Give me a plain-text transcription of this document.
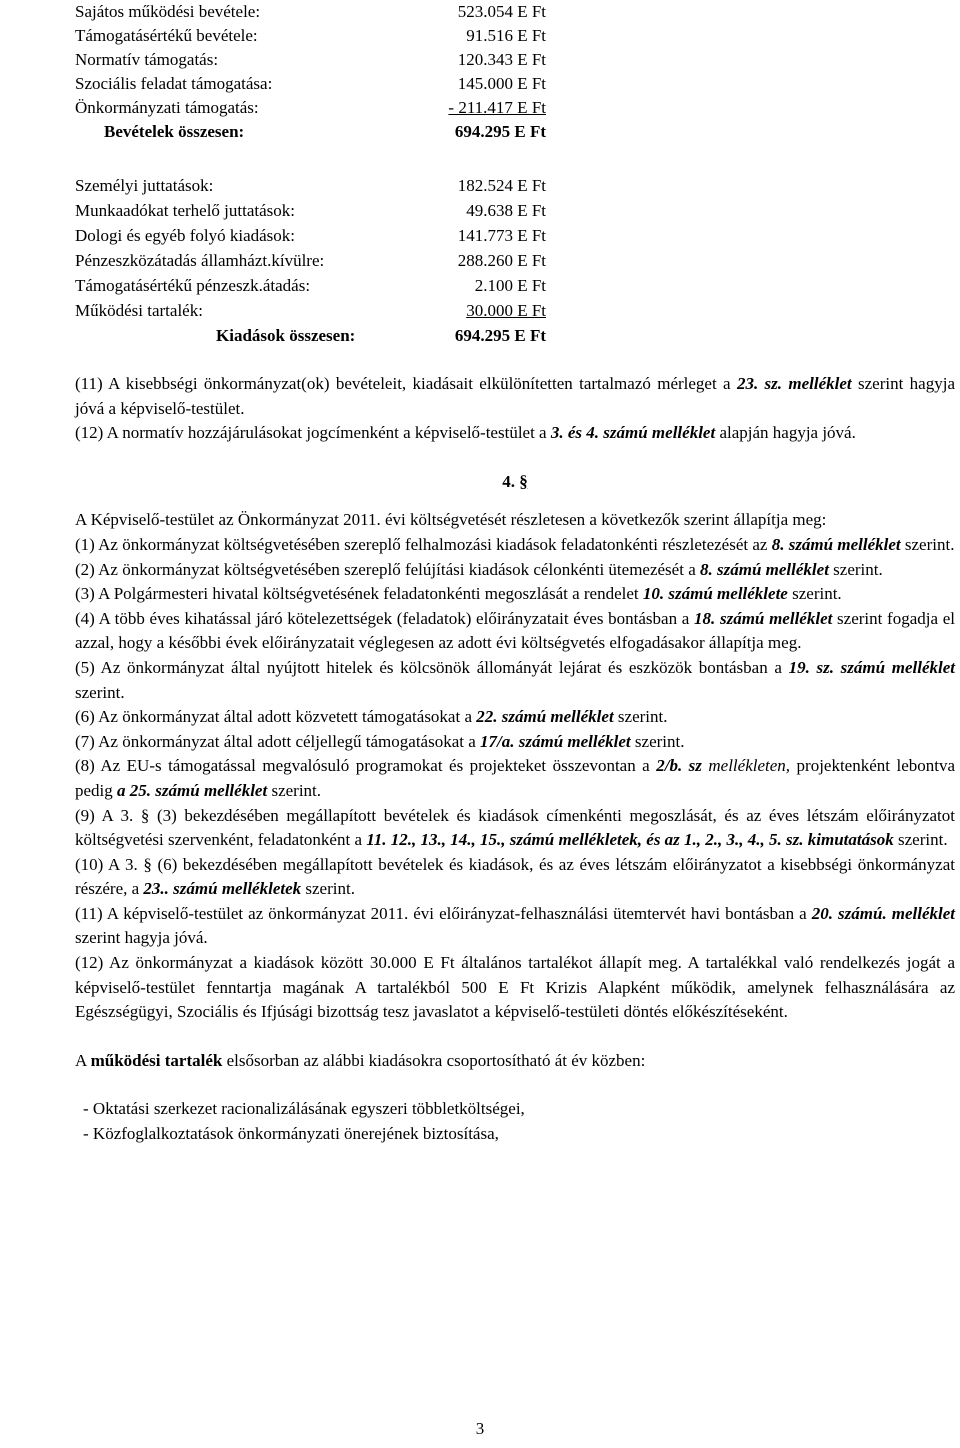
Sajátos működési bevétele:	523.054 E Ft
Támogatásértékű bevétele:	91.516 E Ft
Normatív támogatás:	120.343 E Ft
Szociális feladat támogatása:	145.000 E Ft
Önkormányzati támogatás:	- 211.417 E Ft
Bevételek összesen:	694.295 E Ft
Személyi juttatások:	182.524 E Ft
Munkaadókat terhelő juttatások:	49.638 E Ft
Dologi és egyéb folyó kiadások:	141.773 E Ft
Pénzeszközátadás államházt.kívülre:	288.260 E Ft
Támogatásértékű pénzeszk.átadás:	2.100 E Ft
Működési tartalék:	30.000 E Ft
Kiadások összesen:	694.295 E Ft

(11) A kisebbségi önkormányzat(ok) bevételeit, kiadásait elkülönítetten tartalmazó mérleget a 23. sz. melléklet szerint hagyja jóvá a képviselő-testület.

(12) A normatív hozzájárulásokat jogcímenként a képviselő-testület a 3. és 4. számú melléklet alapján hagyja jóvá.

4. §

A Képviselő-testület az Önkormányzat 2011. évi költségvetését részletesen a következők szerint állapítja meg:

(1) Az önkormányzat költségvetésében szereplő felhalmozási kiadások feladatonkénti részletezését az 8. számú melléklet szerint.

(2) Az önkormányzat költségvetésében szereplő felújítási kiadások célonkénti ütemezését a 8. számú melléklet szerint.

(3) A Polgármesteri hivatal költségvetésének feladatonkénti megoszlását a rendelet 10. számú melléklete szerint.

(4) A több éves kihatással járó kötelezettségek (feladatok) előirányzatait éves bontásban a 18. számú melléklet szerint fogadja el azzal, hogy a későbbi évek előirányzatait véglegesen az adott évi költségvetés elfogadásakor állapítja meg.

(5) Az önkormányzat által nyújtott hitelek és kölcsönök állományát lejárat és eszközök bontásban a 19. sz. számú melléklet szerint.

(6) Az önkormányzat által adott közvetett támogatásokat a 22. számú melléklet szerint.

(7) Az önkormányzat által adott céljellegű támogatásokat a 17/a. számú melléklet szerint.

(8) Az EU-s támogatással megvalósuló programokat és projekteket összevontan a 2/b. sz mellékleten, projektenként lebontva pedig a 25. számú melléklet szerint.

(9) A 3. § (3) bekezdésében megállapított bevételek és kiadások címenkénti megoszlását, és az éves létszám előirányzatot költségvetési szervenként, feladatonként a 11. 12., 13., 14., 15., számú mellékletek, és az 1., 2., 3., 4., 5. sz. kimutatások szerint.

(10) A 3. § (6) bekezdésében megállapított bevételek és kiadások, és az éves létszám előirányzatot a kisebbségi önkormányzat részére, a 23.. számú mellékletek szerint.

(11) A képviselő-testület az önkormányzat 2011. évi előirányzat-felhasználási ütemtervét havi bontásban a 20. számú. melléklet szerint hagyja jóvá.

(12) Az önkormányzat a kiadások között 30.000 E Ft általános tartalékot állapít meg. A tartalékkal való rendelkezés jogát a képviselő-testület fenntartja magának A tartalékból 500 E Ft Krizis Alapként működik, amelynek felhasználására az Egészségügyi, Szociális és Ifjúsági bizottság tesz javaslatot a képviselő-testületi döntés előkészítéseként.

A működési tartalék elsősorban az alábbi kiadásokra csoportosítható át év közben:

- Oktatási szerkezet racionalizálásának egyszeri többletköltségei,

- Közfoglalkoztatások önkormányzati önerejének biztosítása,

3
